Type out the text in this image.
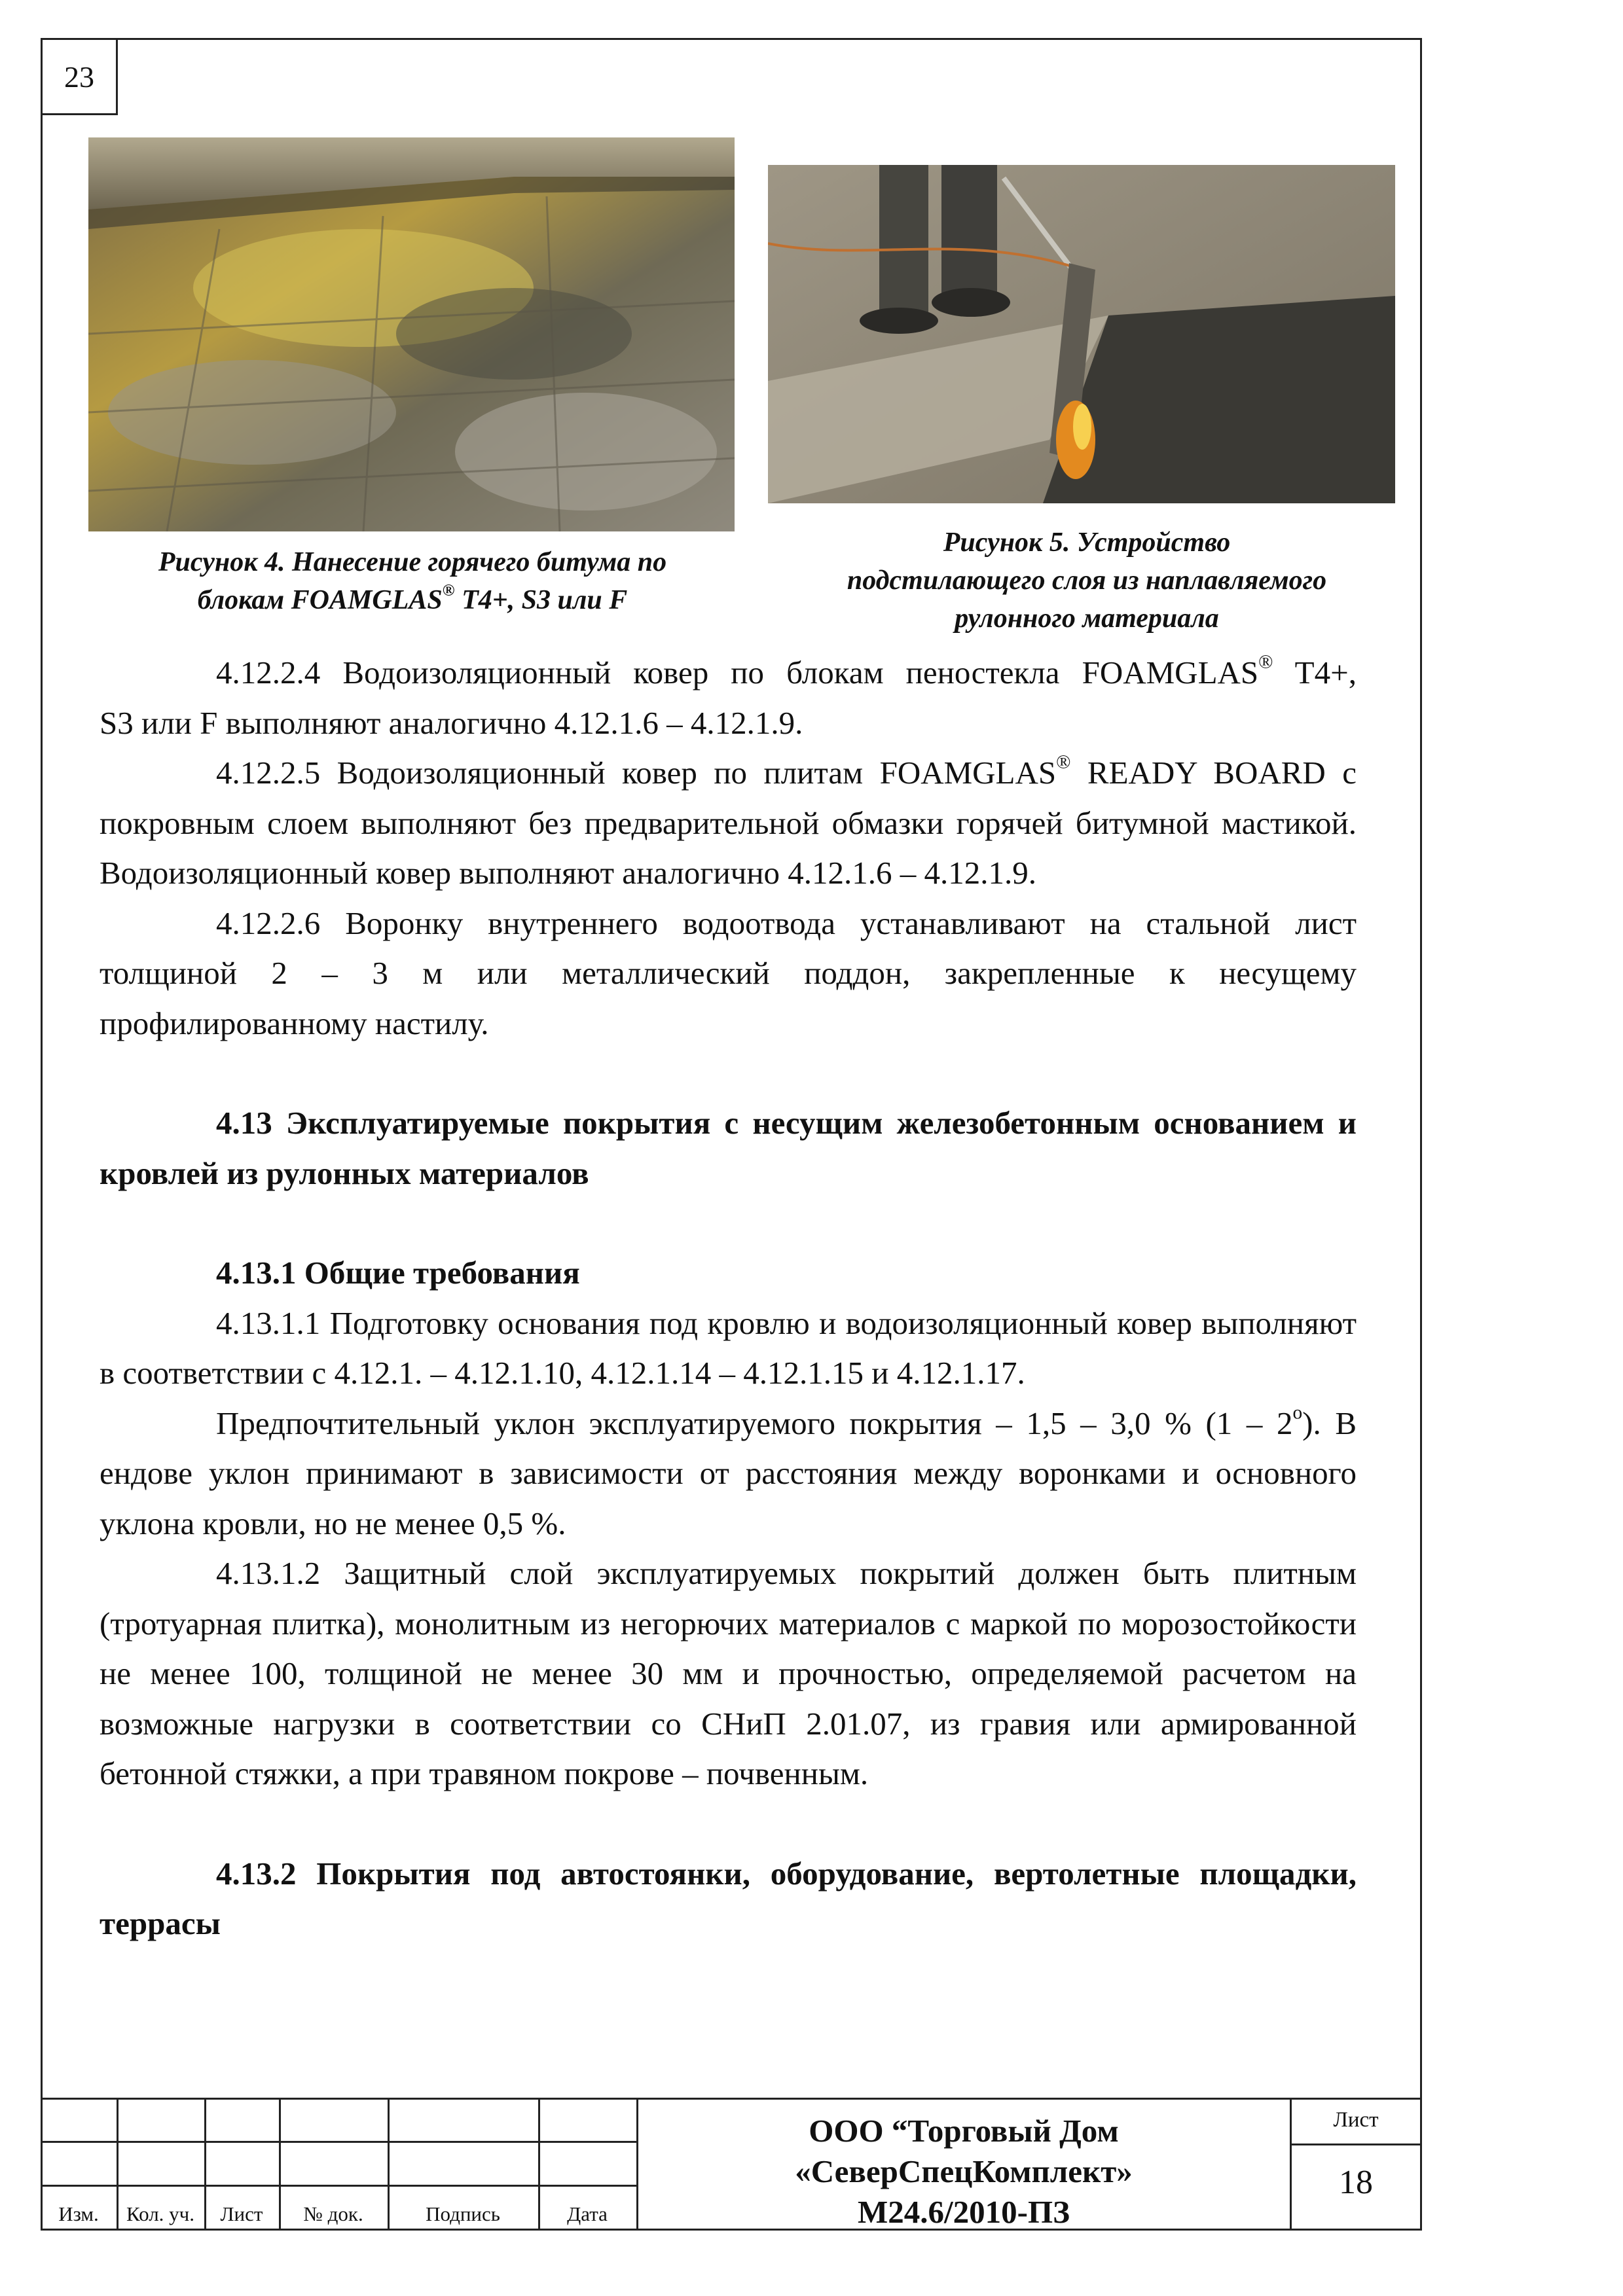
23
Рисунок 4. Нанесение горячего битума по
блокам FOAMGLAS® T4+, S3 или F
Рисунок 5. Устройство
подстилающего слоя из наплавляемого
рулонного материала

4.12.2.4 Водоизоляционный ковер по блокам пеностекла FOAMGLAS® T4+,

S3 или F выполняют аналогично 4.12.1.6 – 4.12.1.9.

4.12.2.5 Водоизоляционный ковер по плитам FOAMGLAS® READY BOARD с покровным слоем выполняют без предварительной обмазки горячей битумной мастикой. Водоизоляционный ковер выполняют аналогично 4.12.1.6 – 4.12.1.9.

4.12.2.6 Воронку внутреннего водоотвода устанавливают на стальной лист толщиной 2 – 3 м или металлический поддон, закрепленные к несущему профилированному настилу.

4.13 Эксплуатируемые покрытия с несущим железобетонным основанием и кровлей из рулонных материалов

4.13.1 Общие требования

4.13.1.1 Подготовку основания под кровлю и водоизоляционный ковер выполняют в соответствии с 4.12.1. – 4.12.1.10, 4.12.1.14 – 4.12.1.15 и 4.12.1.17.

Предпочтительный уклон эксплуатируемого покрытия – 1,5 – 3,0 % $(1 - 2^о)$. В ендове уклон принимают в зависимости от расстояния между воронками и основного уклона кровли, но не менее 0,5 %.

4.13.1.2 Защитный слой эксплуатируемых покрытий должен быть плитным (тротуарная плитка), монолитным из негорючих материалов с маркой по морозостойкости не менее 100, толщиной не менее 30 мм и прочностью, определяемой расчетом на возможные нагрузки в соответствии со СНиП 2.01.07, из гравия или армированной бетонной стяжки, а при травяном покрове – почвенным.

4.13.2 Покрытия под автостоянки, оборудование, вертолетные площадки, террасы

Изм.	Кол. уч.	Лист	№ док.	Подпись	Дата
ООО “Торговый Дом
«СеверСпецКомплект»
М24.6/2010-ПЗ
Лист
18
